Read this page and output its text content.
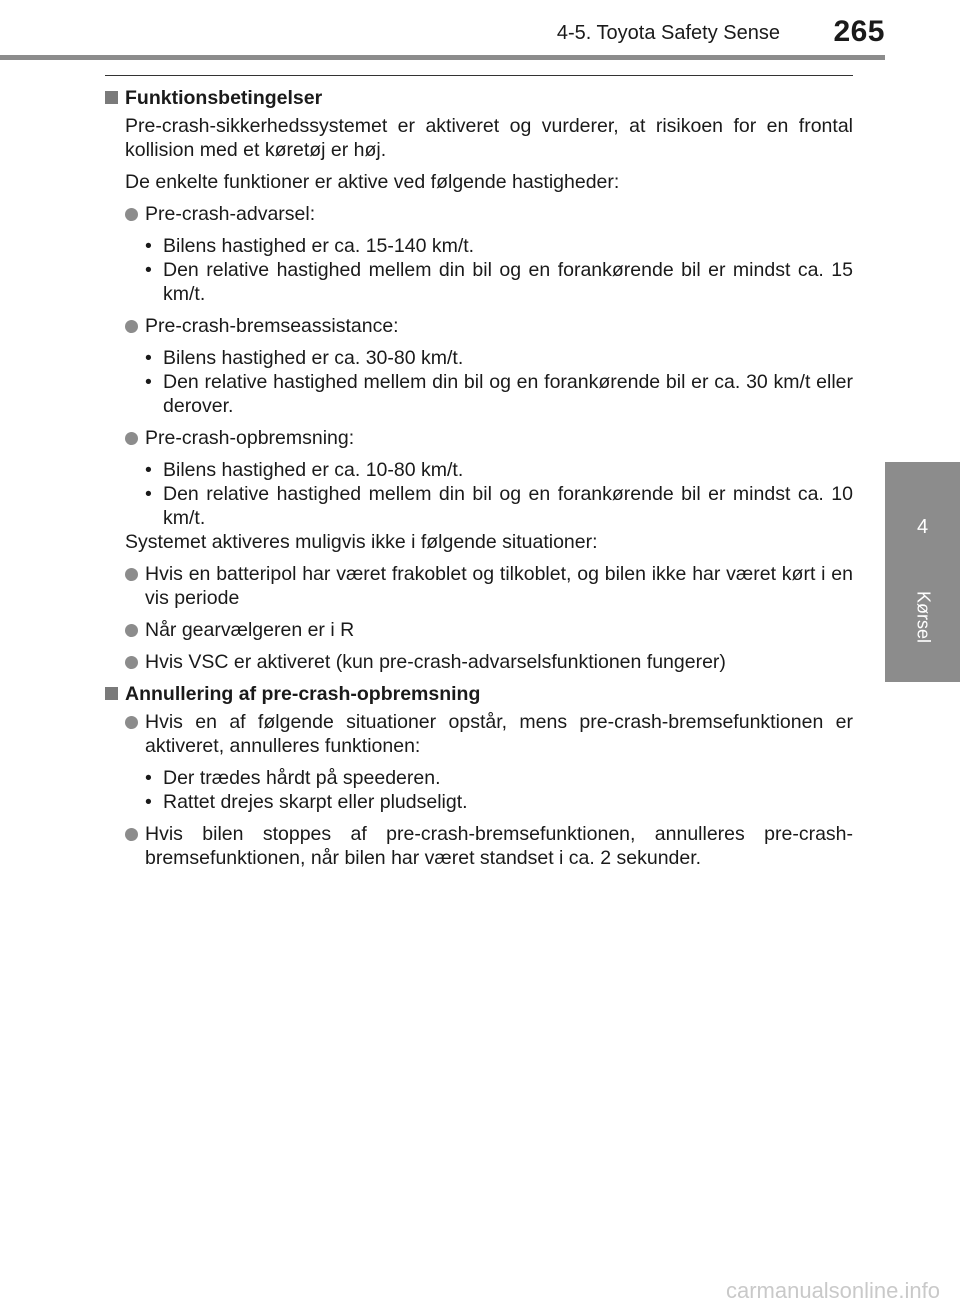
4-5. Toyota Safety Sense	265
4
Kørsel
Funktionsbetingelser
Pre-crash-sikkerhedssystemet er aktiveret og vurderer, at risikoen for en frontal kollision med et køretøj er høj.
De enkelte funktioner er aktive ved følgende hastigheder:
Pre-crash-advarsel:
• Bilens hastighed er ca. 15-140 km/t.
• Den relative hastighed mellem din bil og en forankørende bil er mindst ca. 15 km/t.
Pre-crash-bremseassistance:
• Bilens hastighed er ca. 30-80 km/t.
• Den relative hastighed mellem din bil og en forankørende bil er ca. 30 km/t eller derover.
Pre-crash-opbremsning:
• Bilens hastighed er ca. 10-80 km/t.
• Den relative hastighed mellem din bil og en forankørende bil er mindst ca. 10 km/t.
Systemet aktiveres muligvis ikke i følgende situationer:
Hvis en batteripol har været frakoblet og tilkoblet, og bilen ikke har været kørt i en vis periode
Når gearvælgeren er i R
Hvis VSC er aktiveret (kun pre-crash-advarselsfunktionen fungerer)
Annullering af pre-crash-opbremsning
Hvis en af følgende situationer opstår, mens pre-crash-bremsefunktionen er aktiveret, annulleres funktionen:
• Der trædes hårdt på speederen.
• Rattet drejes skarpt eller pludseligt.
Hvis bilen stoppes af pre-crash-bremsefunktionen, annulleres pre-crash-bremsefunktionen, når bilen har været standset i ca. 2 sekunder.
carmanualsonline.info
